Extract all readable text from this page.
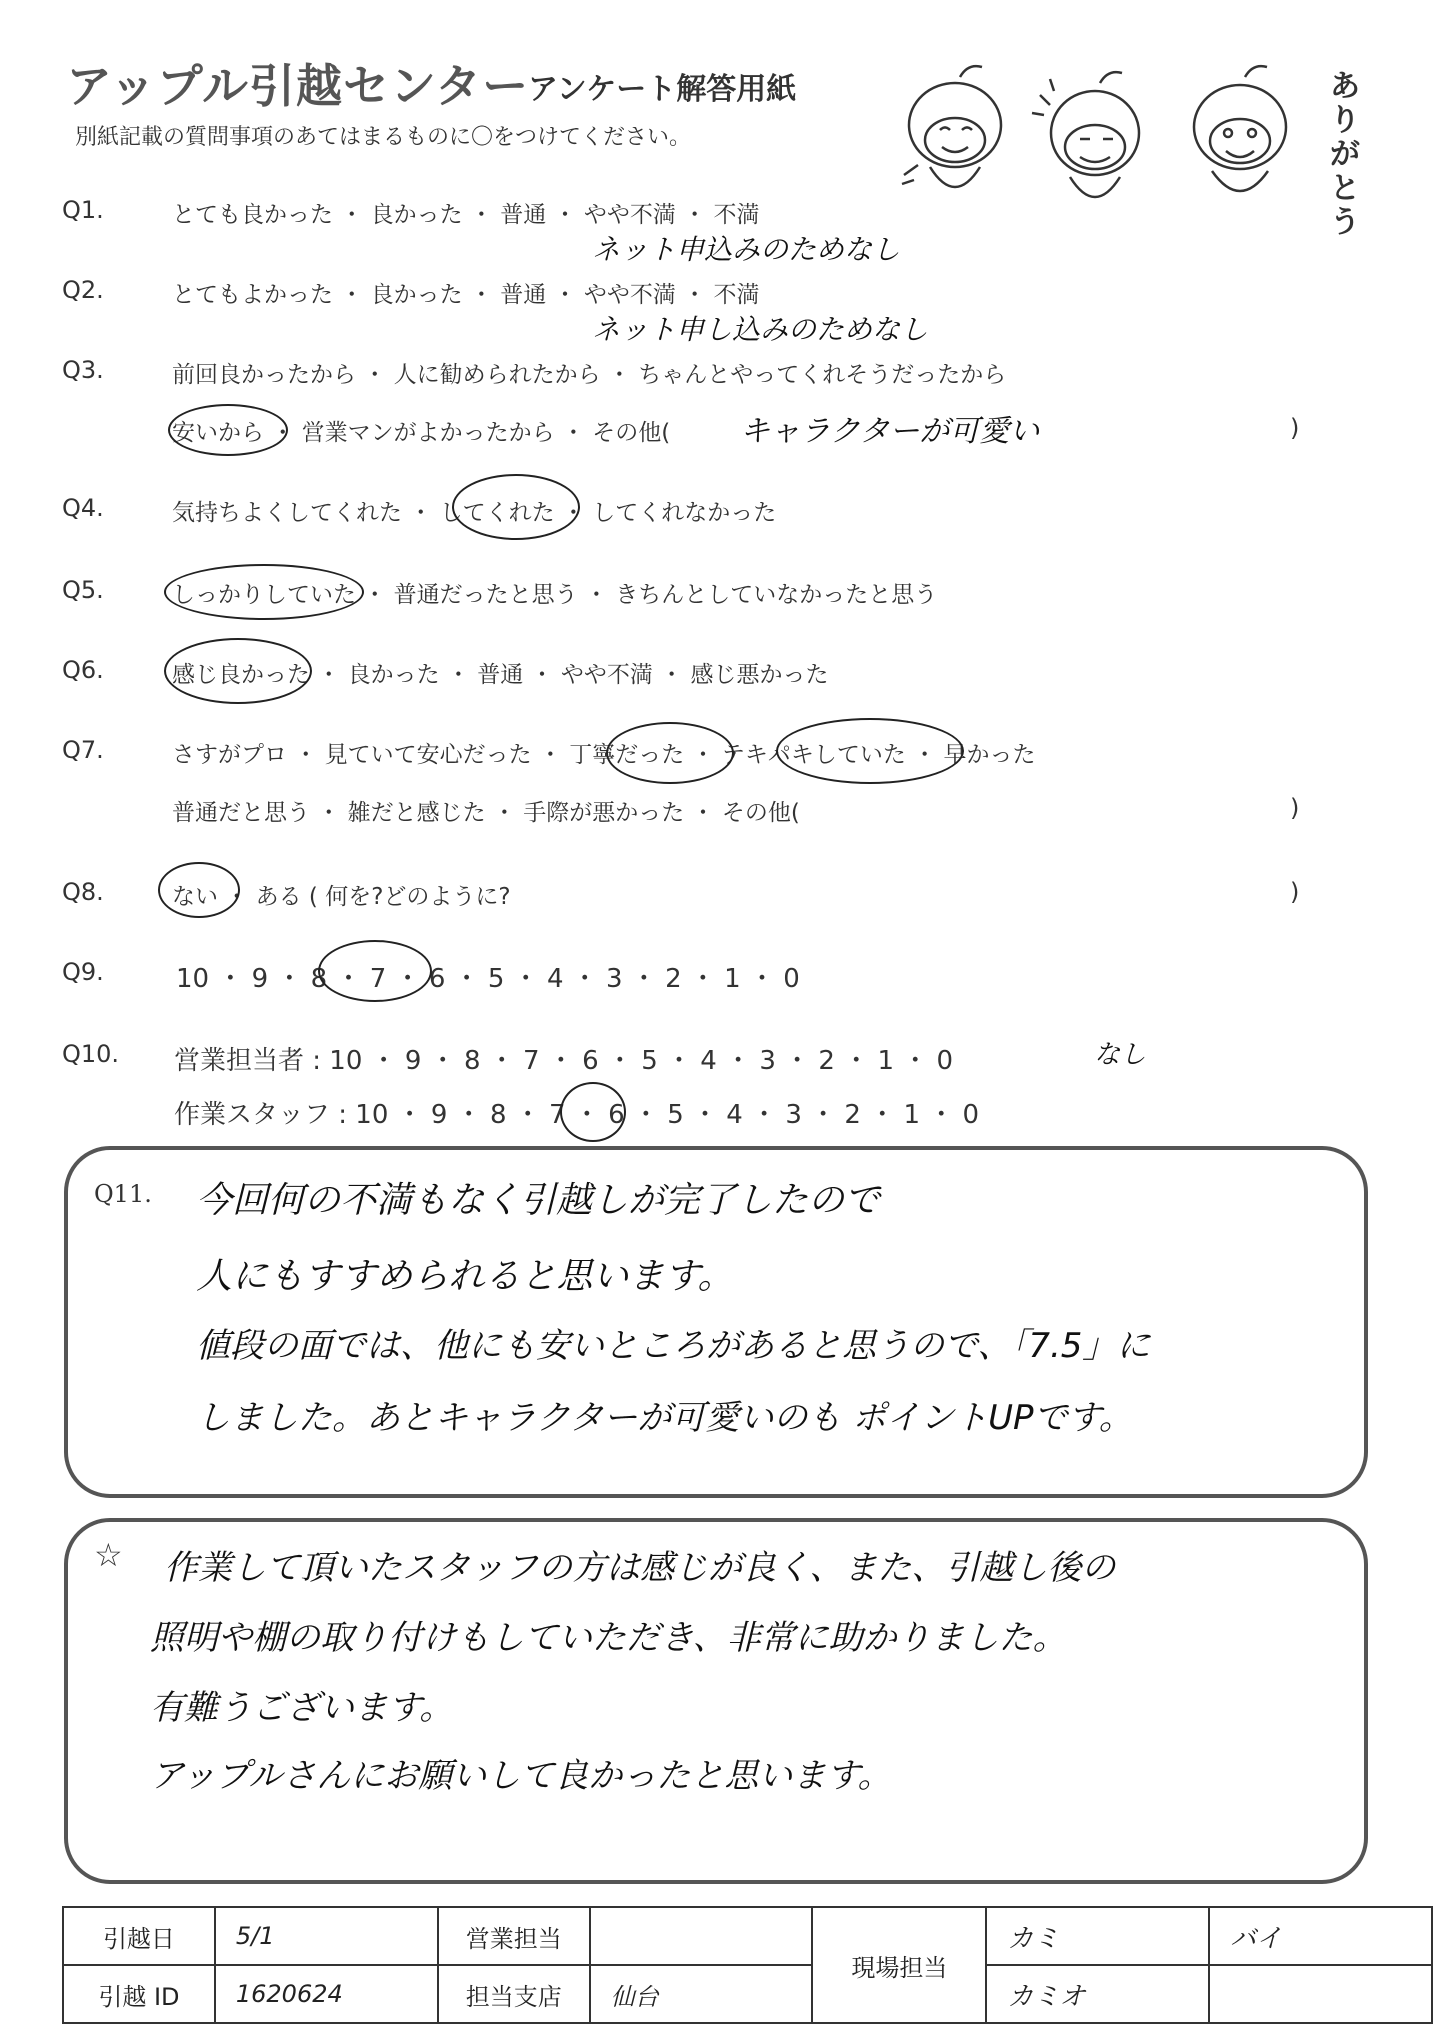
アップル引越センター
アンケート解答用紙
別紙記載の質問事項のあてはまるものに〇をつけてください。
ありがとう
Q1.	とても良かった ・ 良かった ・ 普通 ・ やや不満 ・ 不満
ネット申込みのためなし
Q2.	とてもよかった ・ 良かった ・ 普通 ・ やや不満 ・ 不満
ネット申し込みのためなし
Q3.	前回良かったから ・ 人に勧められたから ・ ちゃんとやってくれそうだったから
安いから ・ 営業マンがよかったから ・ その他( キャラクターが可愛い	)
Q4.	気持ちよくしてくれた ・ してくれた ・ してくれなかった
Q5.	しっかりしていた ・ 普通だったと思う ・ きちんとしていなかったと思う
Q6.	感じ良かった ・ 良かった ・ 普通 ・ やや不満 ・ 感じ悪かった
Q7.	さすがプロ ・ 見ていて安心だった ・ 丁寧だった ・ テキパキしていた ・ 早かった
普通だと思う ・ 雑だと感じた ・ 手際が悪かった ・ その他(	)
Q8.	ない ・ ある ( 何を?どのように?	)
Q9.	10 ・ 9 ・ 8 ・ 7 ・ 6 ・ 5 ・ 4 ・ 3 ・ 2 ・ 1 ・ 0
Q10. 営業担当者 : 10 ・ 9 ・ 8 ・ 7 ・ 6 ・ 5 ・ 4 ・ 3 ・ 2 ・ 1 ・ 0	なし
作業スタッフ : 10 ・ 9 ・ 8 ・ 7 ・ 6 ・ 5 ・ 4 ・ 3 ・ 2 ・ 1 ・ 0
Q11. 今回何の不満もなく引越しが完了したので
人にもすすめられると思います。
値段の面では、他にも安いところがあると思うので、「7.5」に
しました。あとキャラクターが可愛いのも ポイントUPです。
☆ 作業して頂いたスタッフの方は感じが良く、また、引越し後の
照明や棚の取り付けもしていただき、非常に助かりました。
有難うございます。
アップルさんにお願いして良かったと思います。
引越日	5/1	営業担当		現場担当	カミ	バイ
引越 ID	1620624	担当支店	仙台		カミオ	
